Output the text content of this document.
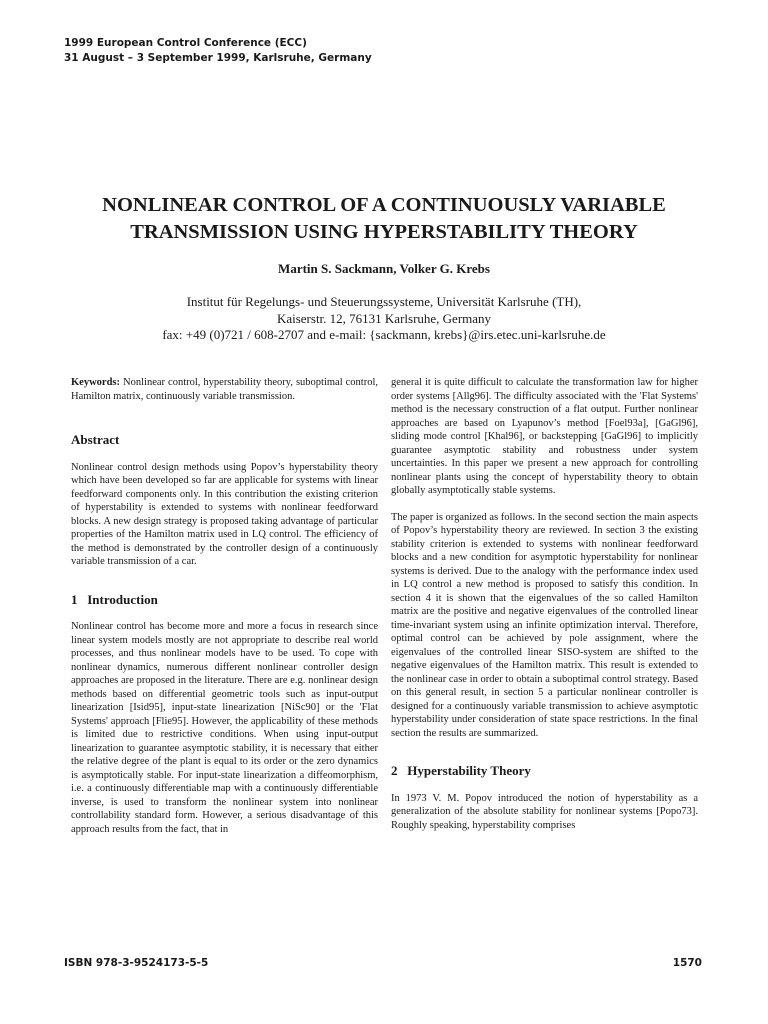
1999 European Control Conference (ECC)
31 August – 3 September 1999, Karlsruhe, Germany
NONLINEAR CONTROL OF A CONTINUOUSLY VARIABLE
TRANSMISSION USING HYPERSTABILITY THEORY
Martin S. Sackmann, Volker G. Krebs
Institut für Regelungs- und Steuerungssysteme, Universität Karlsruhe (TH),
Kaiserstr. 12, 76131 Karlsruhe, Germany
fax: +49 (0)721 / 608-2707 and e-mail: {sackmann, krebs}@irs.etec.uni-karlsruhe.de

Keywords: Nonlinear control, hyperstability theory, suboptimal control, Hamilton matrix, continuously variable transmission.

Abstract

Nonlinear control design methods using Popov’s hyperstability theory which have been developed so far are applicable for systems with linear feedforward components only. In this contribution the existing criterion of hyperstability is extended to systems with nonlinear feedforward blocks. A new design strategy is proposed taking advantage of particular properties of the Hamilton matrix used in LQ control. The efficiency of the method is demonstrated by the controller design of a continuously variable transmission of a car.

1   Introduction

Nonlinear control has become more and more a focus in research since linear system models mostly are not appropriate to describe real world processes, and thus nonlinear models have to be used. To cope with nonlinear dynamics, numerous different nonlinear controller design approaches are proposed in the literature. There are e.g. nonlinear design methods based on differential geometric tools such as input-output linearization [Isid95], input-state linearization [NiSc90] or the 'Flat Systems' approach [Flie95]. However, the applicability of these methods is limited due to restrictive conditions. When using input-output linearization to guarantee asymptotic stability, it is necessary that either the relative degree of the plant is equal to its order or the zero dynamics is asymptotically stable. For input-state linearization a diffeomorphism, i.e. a continuously differentiable map with a continuously differentiable inverse, is used to transform the nonlinear system into nonlinear controllability standard form. However, a serious disadvantage of this approach results from the fact, that in

general it is quite difficult to calculate the transformation law for higher order systems [Allg96]. The difficulty associated with the 'Flat Systems' method is the necessary construction of a flat output. Further nonlinear approaches are based on Lyapunov’s method [Foel93a], [GaGl96], sliding mode control [Khal96], or backstepping [GaGl96] to implicitly guarantee asymptotic stability and robustness under system uncertainties. In this paper we present a new approach for controlling nonlinear plants using the concept of hyperstability theory to obtain globally asymptotically stable systems.

The paper is organized as follows. In the second section the main aspects of Popov’s hyperstability theory are reviewed. In section 3 the existing stability criterion is extended to systems with nonlinear feedforward blocks and a new condition for asymptotic hyperstability for nonlinear systems is derived. Due to the analogy with the performance index used in LQ control a new method is proposed to satisfy this condition. In section 4 it is shown that the eigenvalues of the so called Hamilton matrix are the positive and negative eigenvalues of the controlled linear time-invariant system using an infinite optimization interval. Therefore, optimal control can be achieved by pole assignment, where the eigenvalues of the controlled linear SISO-system are shifted to the negative eigenvalues of the Hamilton matrix. This result is extended to the nonlinear case in order to obtain a suboptimal control strategy. Based on this general result, in section 5 a particular nonlinear controller is designed for a continuously variable transmission to achieve asymptotic hyperstability under consideration of state space restrictions. In the final section the results are summarized.

2   Hyperstability Theory

In 1973 V. M. Popov introduced the notion of hyperstability as a generalization of the absolute stability for nonlinear systems [Popo73]. Roughly speaking, hyperstability comprises

ISBN 978-3-9524173-5-5	1570
